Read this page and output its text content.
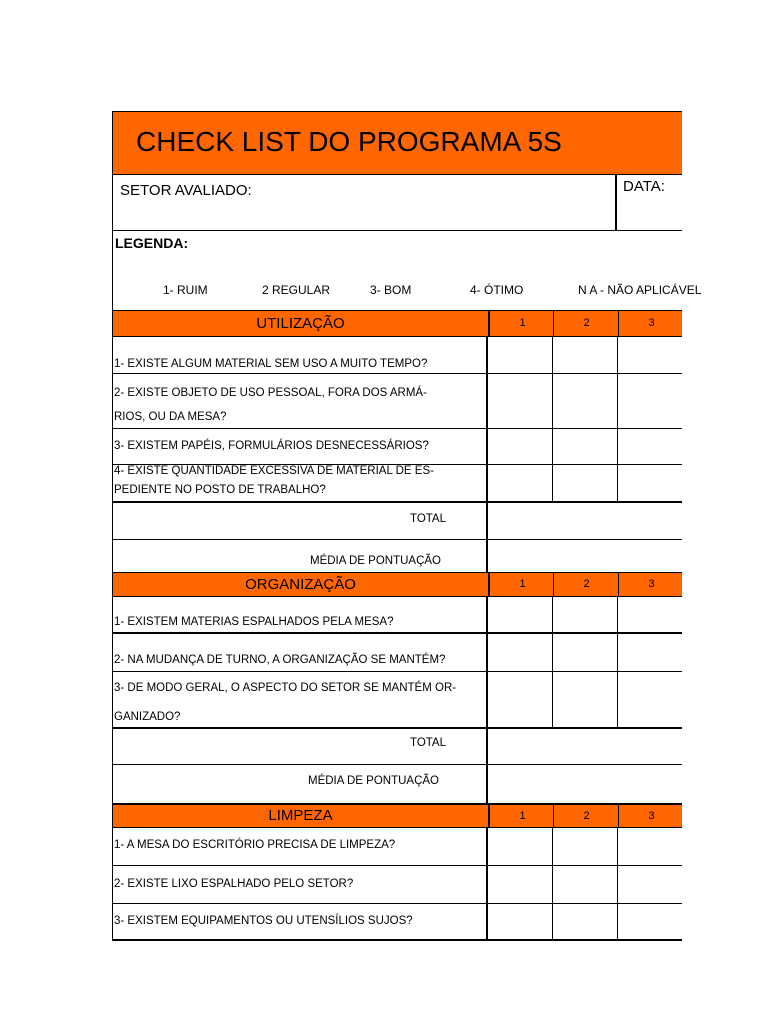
CHECK LIST DO PROGRAMA 5S
SETOR AVALIADO:	DATA:
LEGENDA:
1- RUIM	2 REGULAR	3- BOM	4- ÓTIMO	N A - NÃO APLICÁVEL
UTILIZAÇÃO	1	2	3
1- EXISTE ALGUM MATERIAL SEM USO A MUITO TEMPO?
2- EXISTE OBJETO DE USO PESSOAL, FORA DOS ARMÁ-
RIOS, OU DA MESA?
3- EXISTEM PAPÉIS, FORMULÁRIOS DESNECESSÁRIOS?
4- EXISTE QUANTIDADE EXCESSIVA DE MATERIAL DE ES-
PEDIENTE NO POSTO DE TRABALHO?
TOTAL
MÉDIA DE PONTUAÇÃO
ORGANIZAÇÃO	1	2	3
1- EXISTEM MATERIAS ESPALHADOS PELA MESA?
2- NA MUDANÇA DE TURNO, A ORGANIZAÇÃO SE MANTÉM?
3- DE MODO GERAL, O ASPECTO DO SETOR SE MANTÉM OR-
GANIZADO?
TOTAL
MÉDIA DE PONTUAÇÃO
LIMPEZA	1	2	3
1- A MESA DO ESCRITÓRIO PRECISA DE LIMPEZA?
2- EXISTE LIXO ESPALHADO PELO SETOR?
3- EXISTEM EQUIPAMENTOS OU UTENSÍLIOS SUJOS?
